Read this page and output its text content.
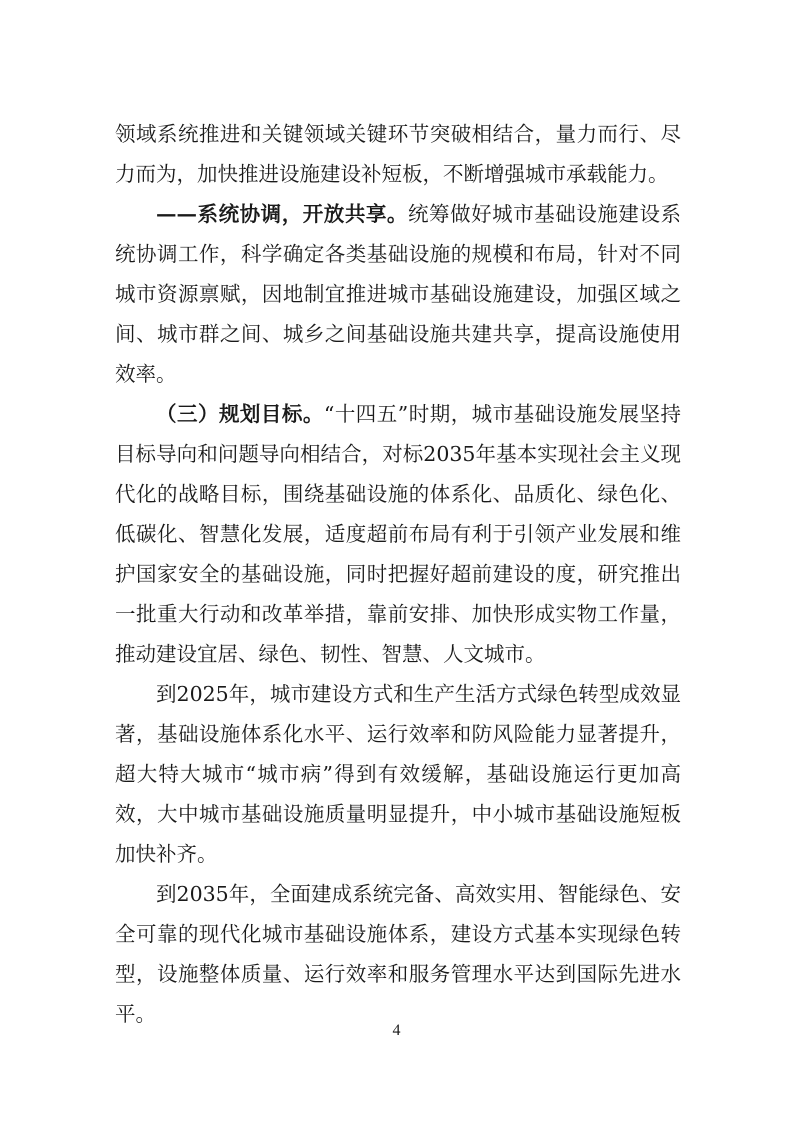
领域系统推进和关键领域关键环节突破相结合，量力而行、尽力而为，加快推进设施建设补短板，不断增强城市承载能力。

——系统协调，开放共享。统筹做好城市基础设施建设系统协调工作，科学确定各类基础设施的规模和布局，针对不同城市资源禀赋，因地制宜推进城市基础设施建设，加强区域之间、城市群之间、城乡之间基础设施共建共享，提高设施使用效率。

（三）规划目标。“十四五”时期，城市基础设施发展坚持目标导向和问题导向相结合，对标2035年基本实现社会主义现代化的战略目标，围绕基础设施的体系化、品质化、绿色化、低碳化、智慧化发展，适度超前布局有利于引领产业发展和维护国家安全的基础设施，同时把握好超前建设的度，研究推出一批重大行动和改革举措，靠前安排、加快形成实物工作量，推动建设宜居、绿色、韧性、智慧、人文城市。

到2025年，城市建设方式和生产生活方式绿色转型成效显著，基础设施体系化水平、运行效率和防风险能力显著提升，超大特大城市“城市病”得到有效缓解，基础设施运行更加高效，大中城市基础设施质量明显提升，中小城市基础设施短板加快补齐。

到2035年，全面建成系统完备、高效实用、智能绿色、安全可靠的现代化城市基础设施体系，建设方式基本实现绿色转型，设施整体质量、运行效率和服务管理水平达到国际先进水平。

4
